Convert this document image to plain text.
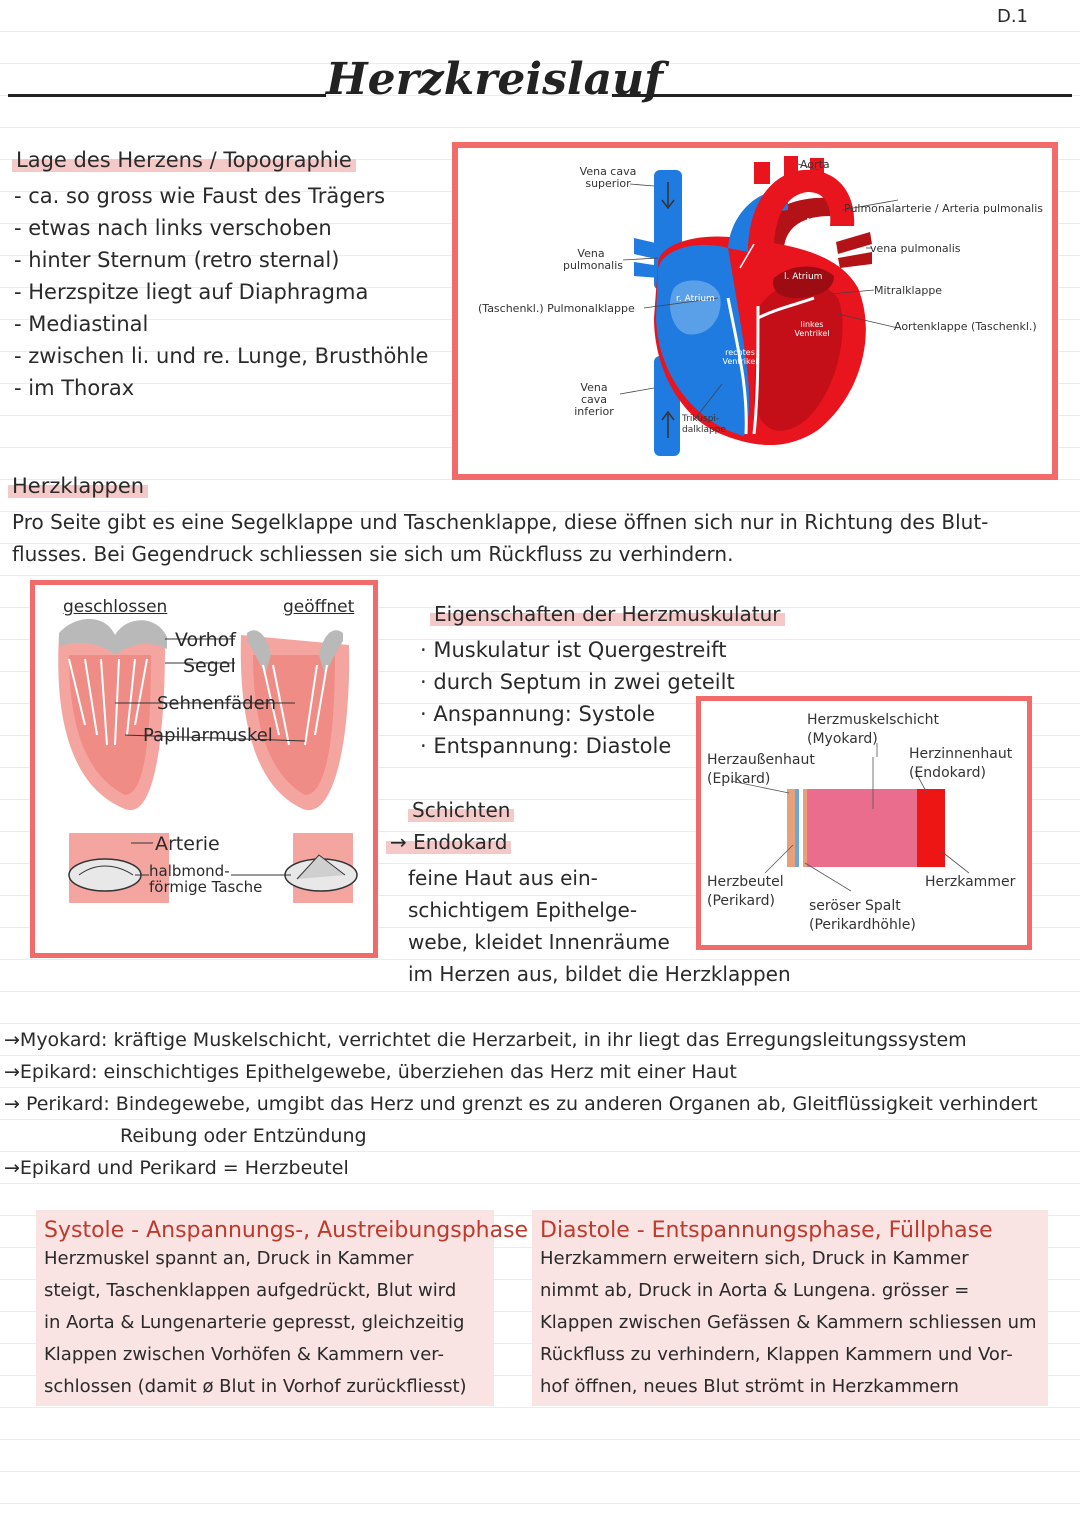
D.1
Herzkreislauf
Lage des Herzens / Topographie
- ca. so gross wie Faust des Trägers
- etwas nach links verschoben
- hinter Sternum (retro sternal)
- Herzspitze liegt auf Diaphragma
- Mediastinal
- zwischen li. und re. Lunge, Brusthöhle
- im Thorax
Vena cava superior
Vena pulmonalis
(Taschenkl.) Pulmonalklappe
Vena cava inferior
Trikuspi-dalklappe
r. Atrium
rechtes Ventrikel
Aorta
Pulmonalarterie / Arteria pulmonalis
vena pulmonalis
l. Atrium
Mitralklappe
linkes Ventrikel
Aortenklappe (Taschenkl.)
Herzklappen
Pro Seite gibt es eine Segelklappe und Taschenklappe, diese öffnen sich nur in Richtung des Blut-
flusses. Bei Gegendruck schliessen sie sich um Rückfluss zu verhindern.
geschlossen	geöffnet
Vorhof
Segel
Sehnenfäden
Papillarmuskel
Arterie
halbmond-
förmige Tasche
Eigenschaften der Herzmuskulatur
· Muskulatur ist Quergestreift
· durch Septum in zwei geteilt
· Anspannung: Systole
· Entspannung: Diastole
Schichten
→ Endokard
feine Haut aus ein-
schichtigem Epithelge-
webe, kleidet Innenräume
im Herzen aus, bildet die Herzklappen
Herzmuskelschicht
(Myokard)
Herzaußenhaut
(Epikard)
Herzinnenhaut
(Endokard)
Herzbeutel
(Perikard)	seröser Spalt
(Perikardhöhle)
Herzkammer
→Myokard: kräftige Muskelschicht, verrichtet die Herzarbeit, in ihr liegt das Erregungsleitungssystem
→Epikard: einschichtiges Epithelgewebe, überziehen das Herz mit einer Haut
→ Perikard: Bindegewebe, umgibt das Herz und grenzt es zu anderen Organen ab, Gleitflüssigkeit verhindert
Reibung oder Entzündung
→Epikard und Perikard = Herzbeutel
Systole - Anspannungs-, Austreibungsphase
Herzmuskel spannt an, Druck in Kammer
steigt, Taschenklappen aufgedrückt, Blut wird
in Aorta & Lungenarterie gepresst, gleichzeitig
Klappen zwischen Vorhöfen & Kammern ver-
schlossen (damit ø Blut in Vorhof zurückfliesst)
Diastole - Entspannungsphase, Füllphase
Herzkammern erweitern sich, Druck in Kammer
nimmt ab, Druck in Aorta & Lungena. grösser =
Klappen zwischen Gefässen & Kammern schliessen um
Rückfluss zu verhindern, Klappen Kammern und Vor-
hof öffnen, neues Blut strömt in Herzkammern
